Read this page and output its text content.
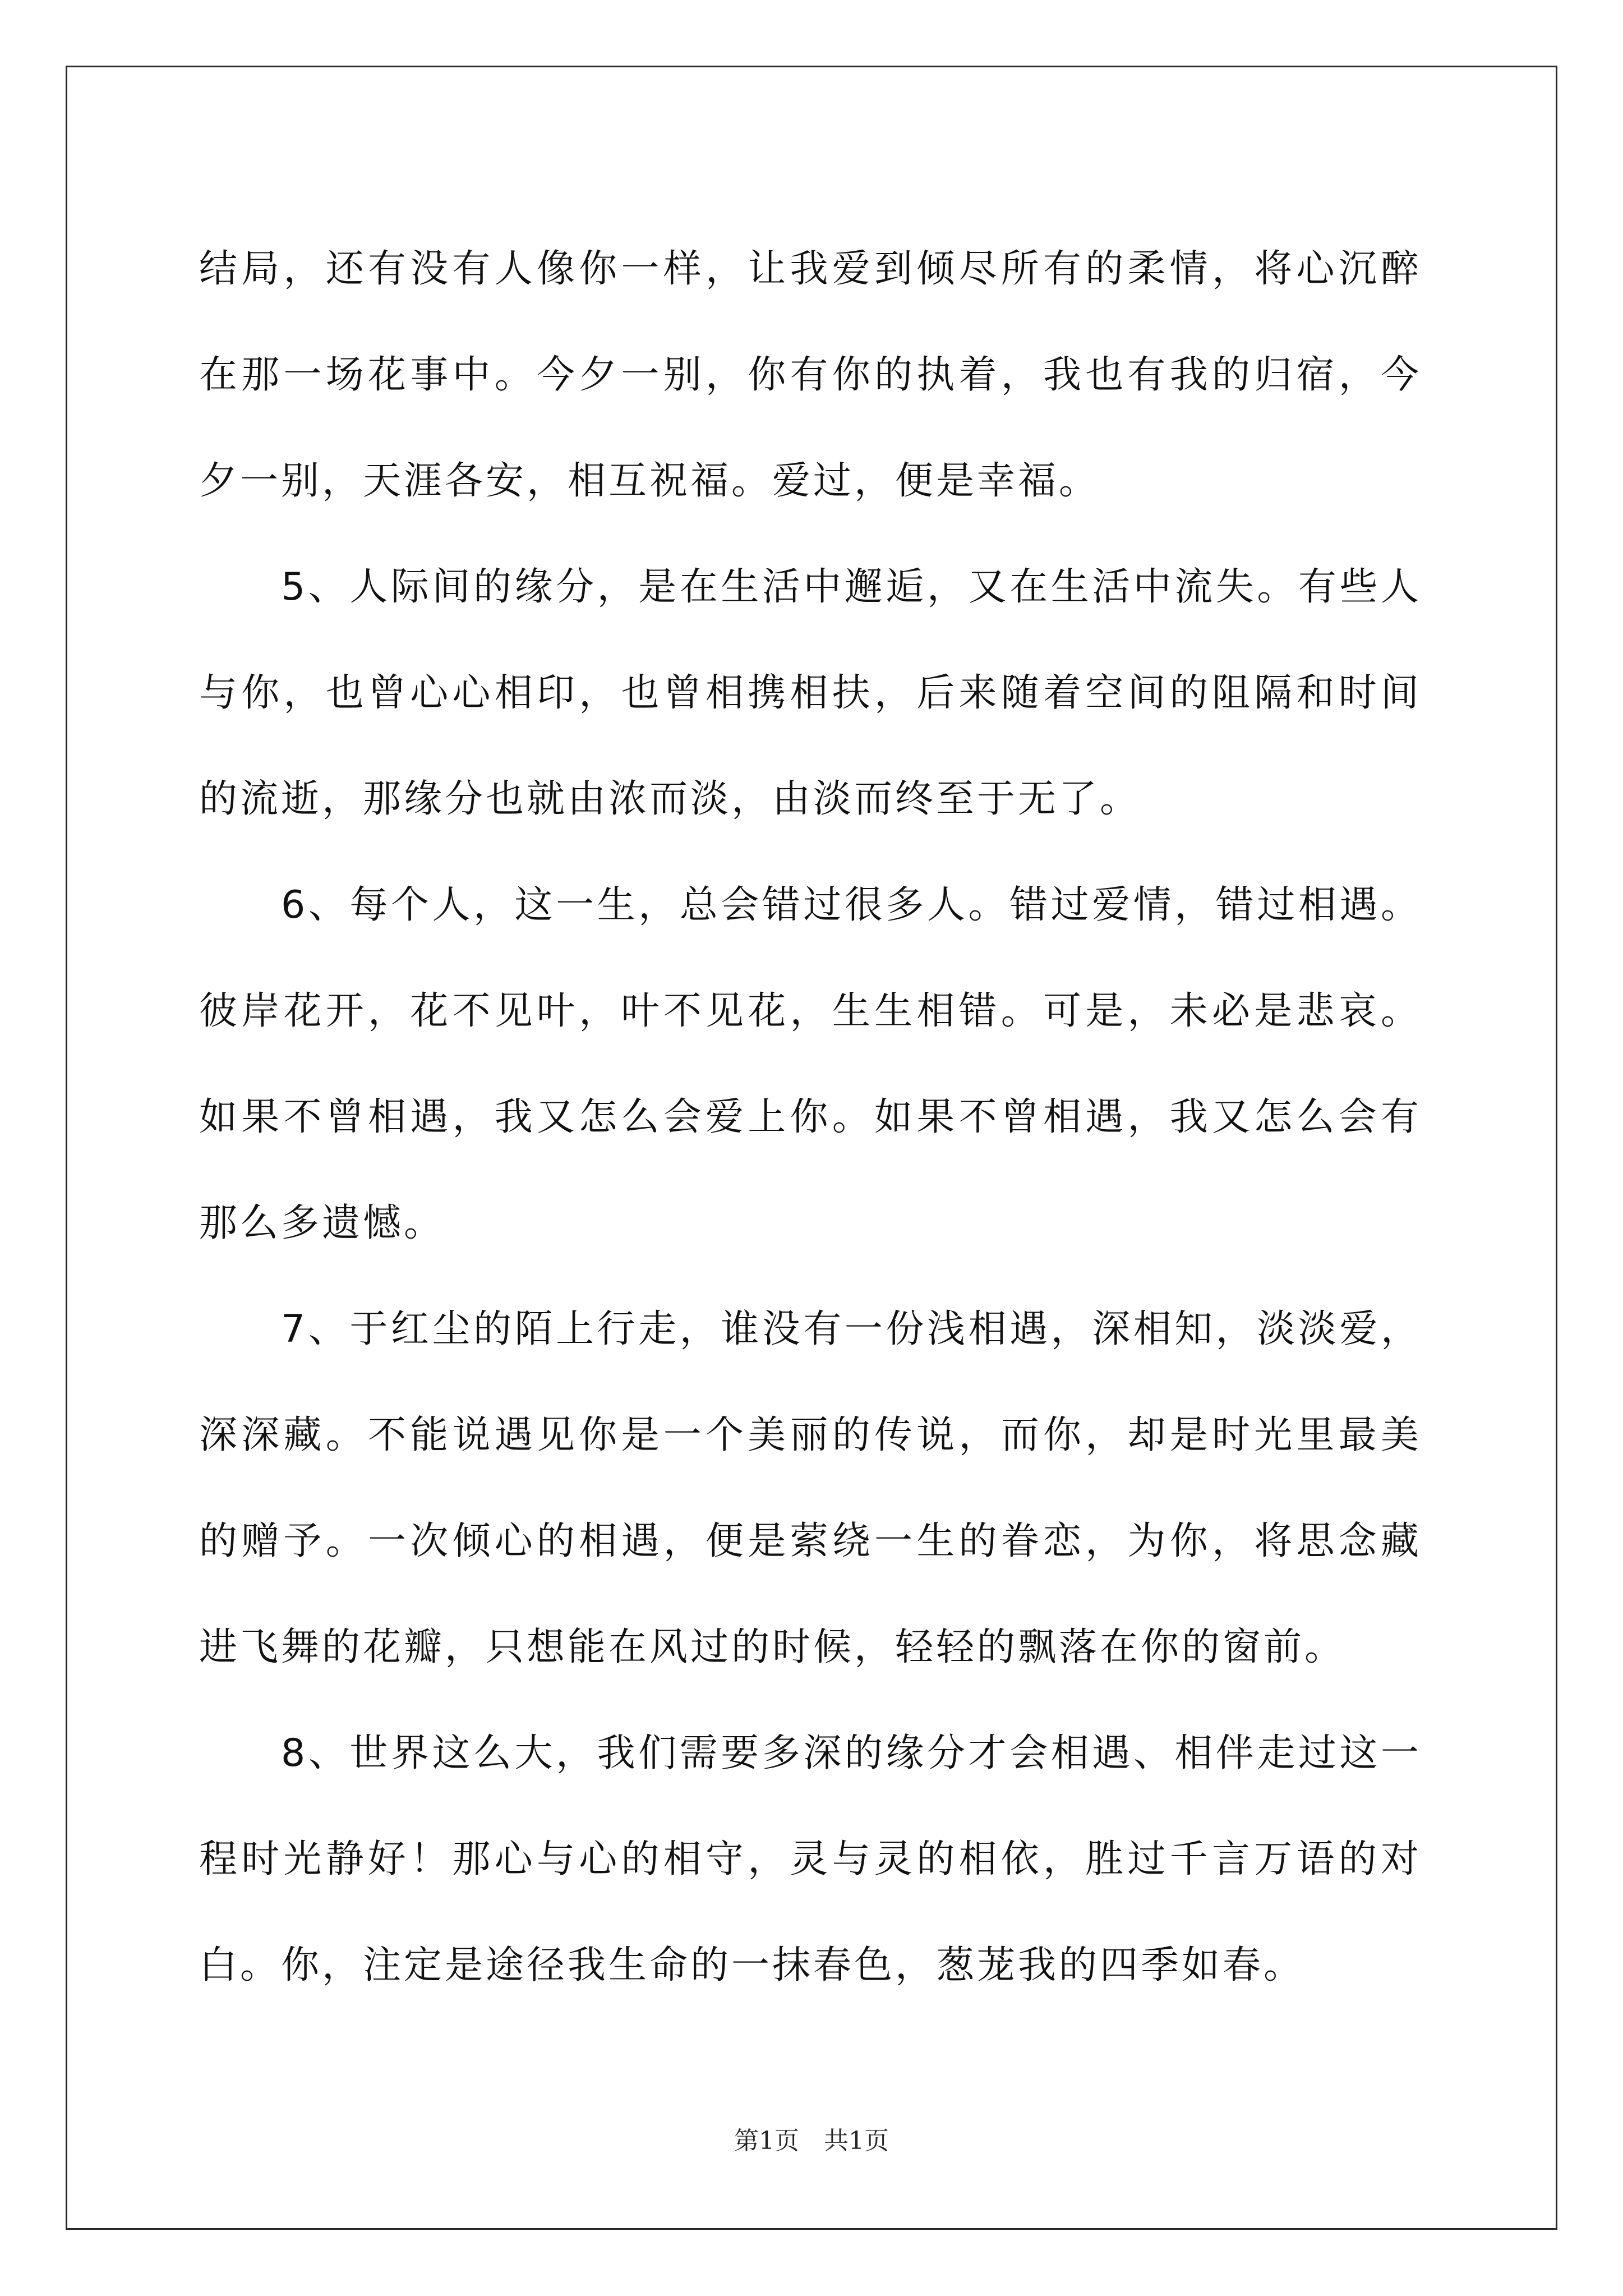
结局，还有没有人像你一样，让我爱到倾尽所有的柔情，将心沉醉在那一场花事中。今夕一别，你有你的执着，我也有我的归宿，今夕一别，天涯各安，相互祝福。爱过，便是幸福。

5、人际间的缘分，是在生活中邂逅，又在生活中流失。有些人与你，也曾心心相印，也曾相携相扶，后来随着空间的阻隔和时间的流逝，那缘分也就由浓而淡，由淡而终至于无了。

6、每个人，这一生，总会错过很多人。错过爱情，错过相遇。彼岸花开，花不见叶，叶不见花，生生相错。可是，未必是悲哀。如果不曾相遇，我又怎么会爱上你。如果不曾相遇，我又怎么会有那么多遗憾。

7、于红尘的陌上行走，谁没有一份浅相遇，深相知，淡淡爱，深深藏。不能说遇见你是一个美丽的传说，而你，却是时光里最美的赠予。一次倾心的相遇，便是萦绕一生的眷恋，为你，将思念藏进飞舞的花瓣，只想能在风过的时候，轻轻的飘落在你的窗前。

8、世界这么大，我们需要多深的缘分才会相遇、相伴走过这一程时光静好！那心与心的相守，灵与灵的相依，胜过千言万语的对白。你，注定是途径我生命的一抹春色，葱茏我的四季如春。

第1页　共1页
